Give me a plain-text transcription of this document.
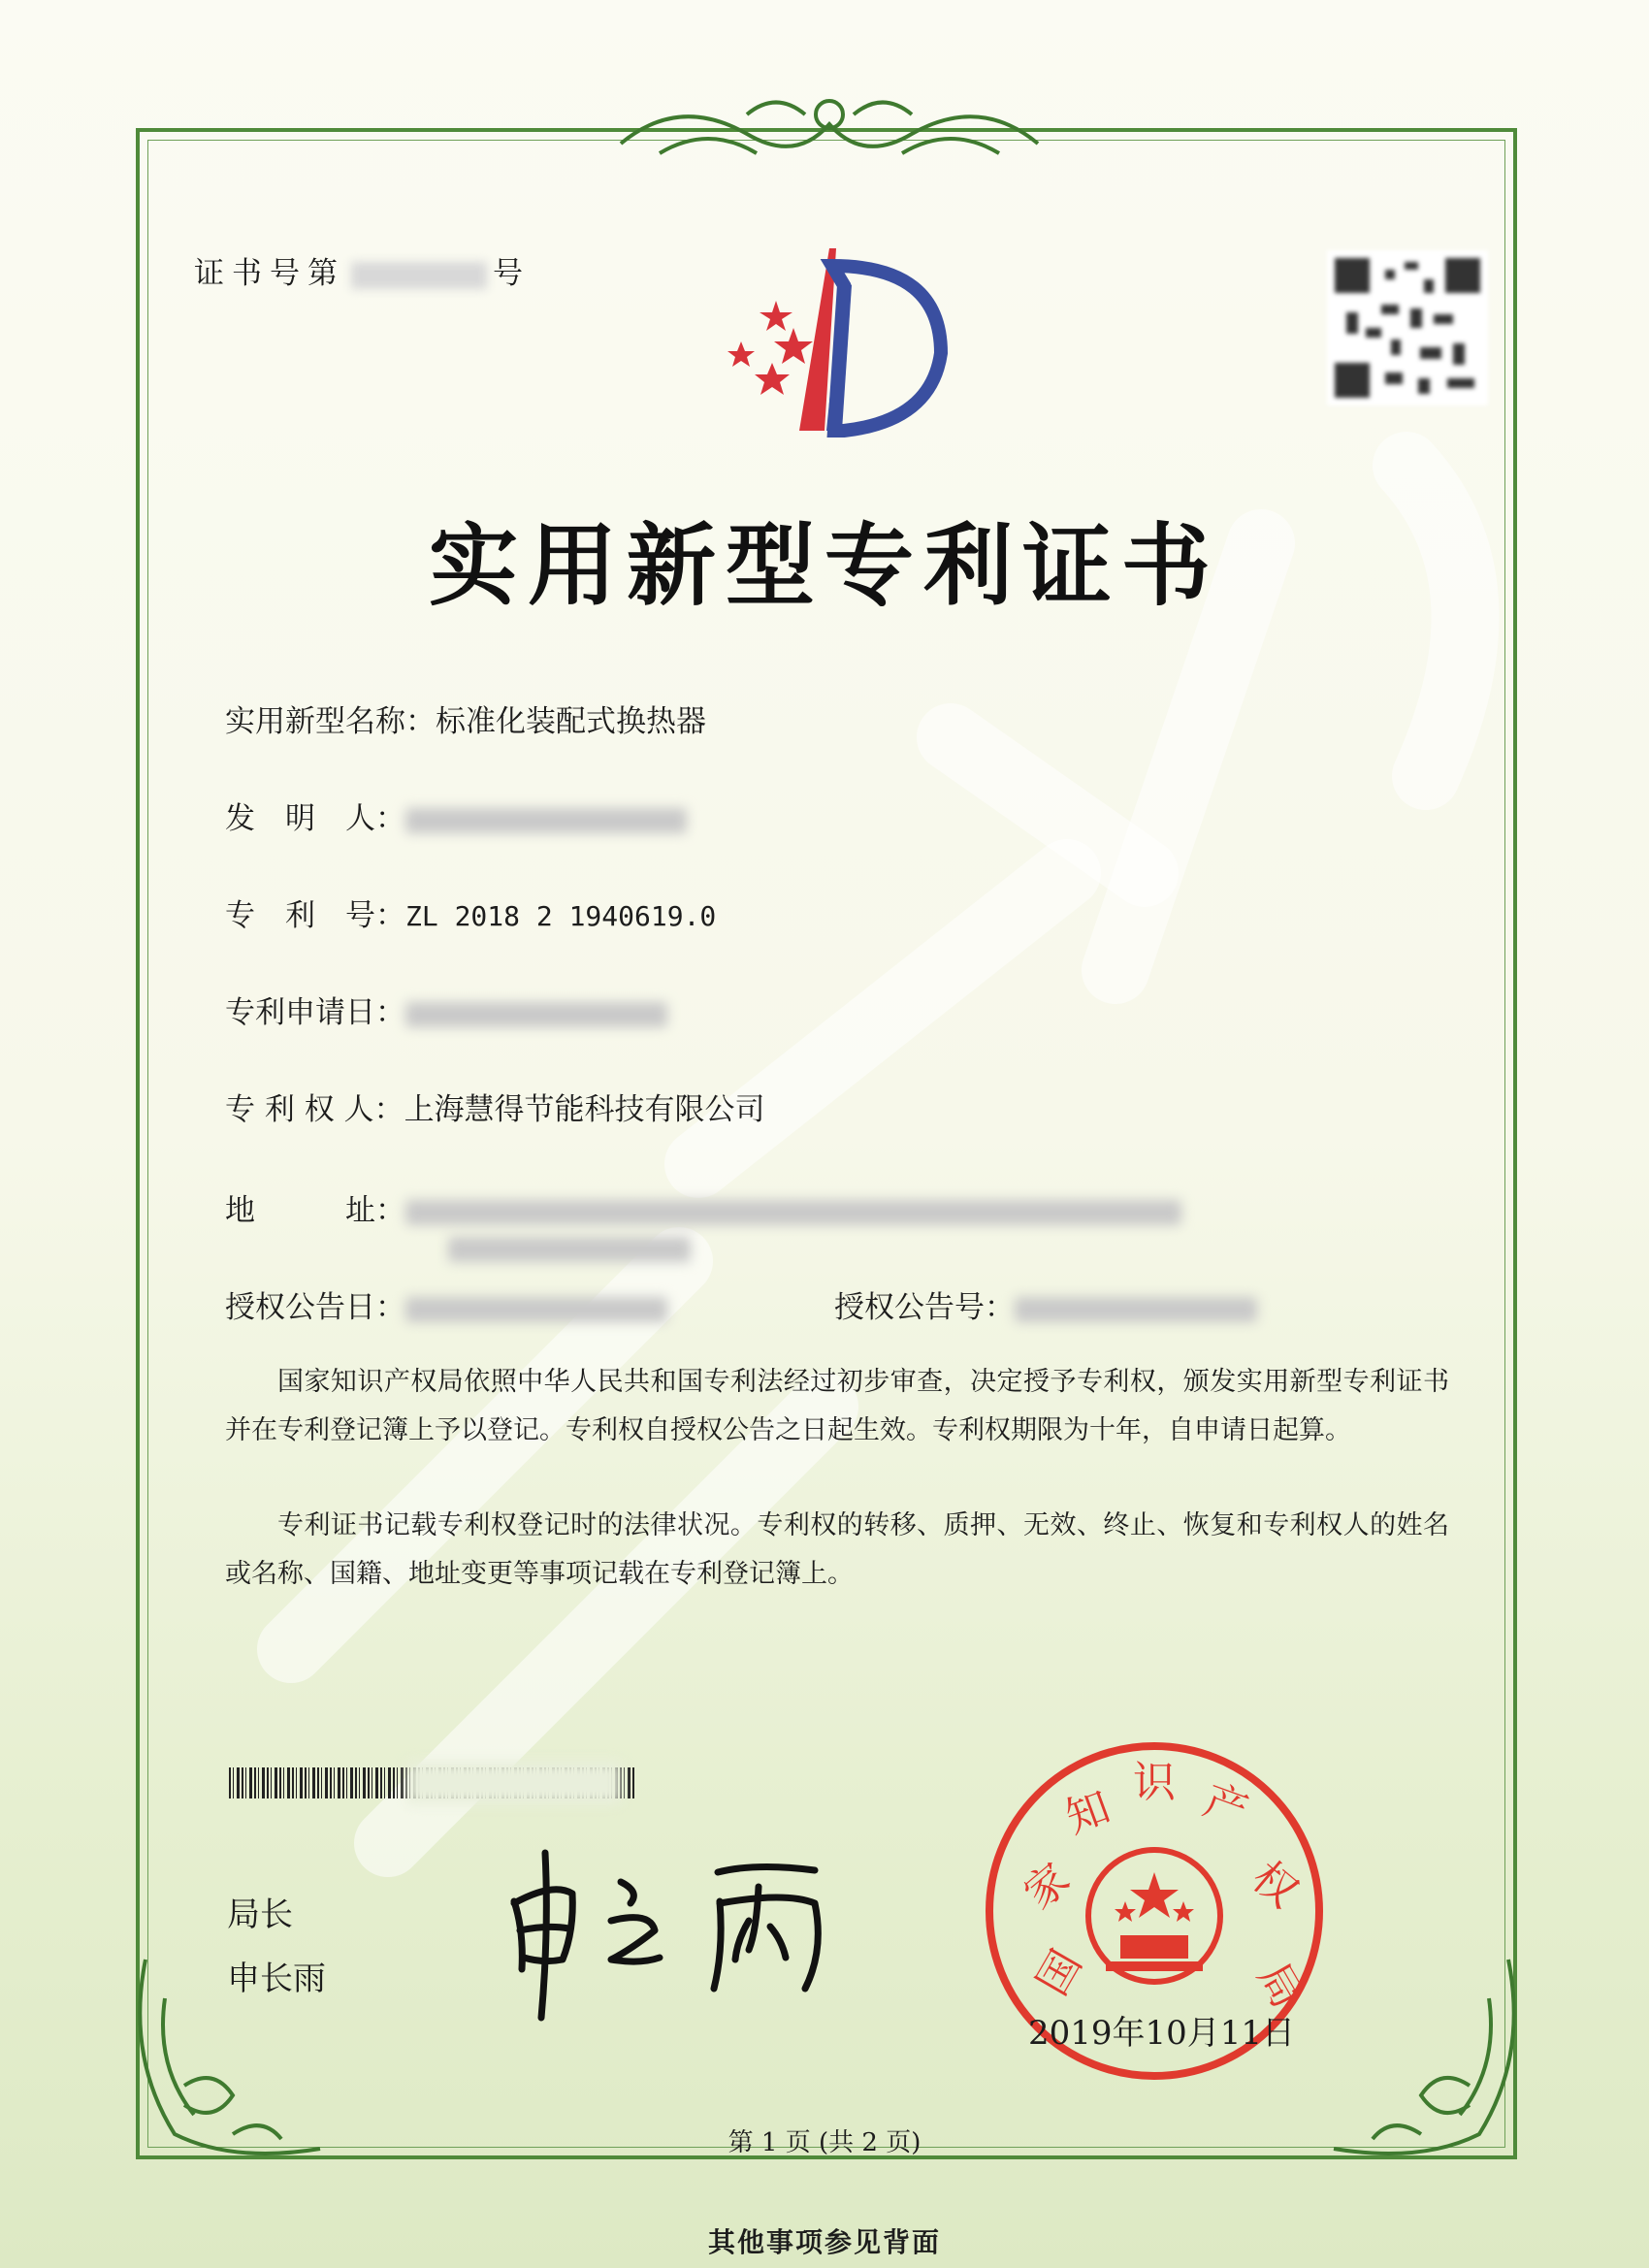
证书号第	号
实用新型专利证书
实用新型名称：标准化装配式换热器
发　明　人：
专　利　号：ZL 2018 2 1940619.0
专利申请日：
专 利 权 人：上海慧得节能科技有限公司
地　　　址：
授权公告日：	授权公告号：
国家知识产权局依照中华人民共和国专利法经过初步审查，决定授予专利权，颁发实用新型专利证书并在专利登记簿上予以登记。专利权自授权公告之日起生效。专利权期限为十年，自申请日起算。
专利证书记载专利权登记时的法律状况。专利权的转移、质押、无效、终止、恢复和专利权人的姓名或名称、国籍、地址变更等事项记载在专利登记簿上。
局长
申长雨	国
家
知 识 产
权
局
2019年10月11日
第 1 页 (共 2 页)
其他事项参见背面
